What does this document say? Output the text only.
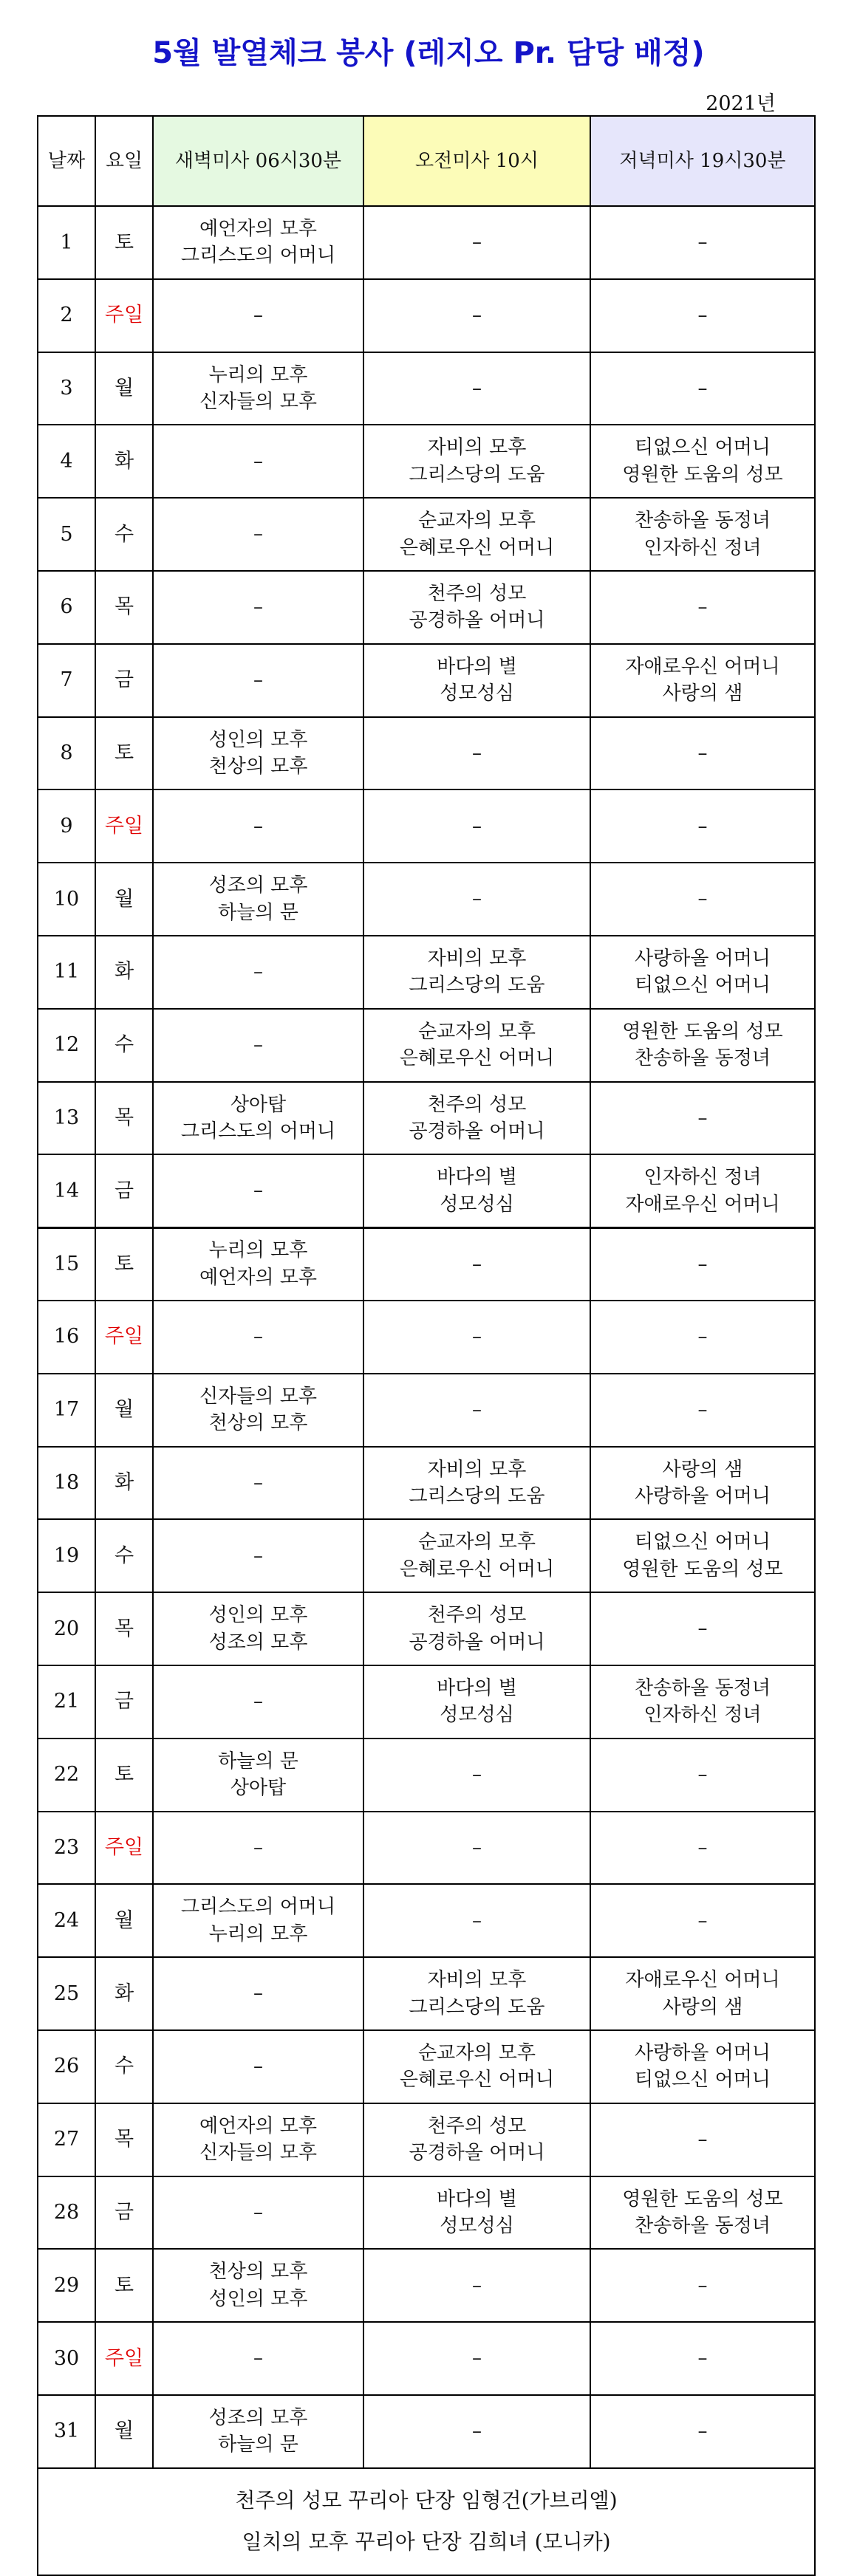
5월 발열체크 봉사 (레지오 Pr. 담당 배정)
2021년
날짜	요일	새벽미사 06시30분	오전미사 10시	저녁미사 19시30분
1	토	예언자의 모후
그리스도의 어머니	–	–
2	주일	–	–	–
3	월	누리의 모후
신자들의 모후	–	–
4	화	–	자비의 모후
그리스당의 도움	티없으신 어머니
영원한 도움의 성모
5	수	–	순교자의 모후
은혜로우신 어머니	찬송하올 동정녀
인자하신 정녀
6	목	–	천주의 성모
공경하올 어머니	–
7	금	–	바다의 별
성모성심	자애로우신 어머니
사랑의 샘
8	토	성인의 모후
천상의 모후	–	–
9	주일	–	–	–
10	월	성조의 모후
하늘의 문	–	–
11	화	–	자비의 모후
그리스당의 도움	사랑하올 어머니
티없으신 어머니
12	수	–	순교자의 모후
은혜로우신 어머니	영원한 도움의 성모
찬송하올 동정녀
13	목	상아탑
그리스도의 어머니	천주의 성모
공경하올 어머니	–
14	금	–	바다의 별
성모성심	인자하신 정녀
자애로우신 어머니
15	토	누리의 모후
예언자의 모후	–	–
16	주일	–	–	–
17	월	신자들의 모후
천상의 모후	–	–
18	화	–	자비의 모후
그리스당의 도움	사랑의 샘
사랑하올 어머니
19	수	–	순교자의 모후
은혜로우신 어머니	티없으신 어머니
영원한 도움의 성모
20	목	성인의 모후
성조의 모후	천주의 성모
공경하올 어머니	–
21	금	–	바다의 별
성모성심	찬송하올 동정녀
인자하신 정녀
22	토	하늘의 문
상아탑	–	–
23	주일	–	–	–
24	월	그리스도의 어머니
누리의 모후	–	–
25	화	–	자비의 모후
그리스당의 도움	자애로우신 어머니
사랑의 샘
26	수	–	순교자의 모후
은혜로우신 어머니	사랑하올 어머니
티없으신 어머니
27	목	예언자의 모후
신자들의 모후	천주의 성모
공경하올 어머니	–
28	금	–	바다의 별
성모성심	영원한 도움의 성모
찬송하올 동정녀
29	토	천상의 모후
성인의 모후	–	–
30	주일	–	–	–
31	월	성조의 모후
하늘의 문	–	–

천주의 성모 꾸리아 단장 임형건(가브리엘)
일치의 모후 꾸리아 단장 김희녀 (모니카)				
